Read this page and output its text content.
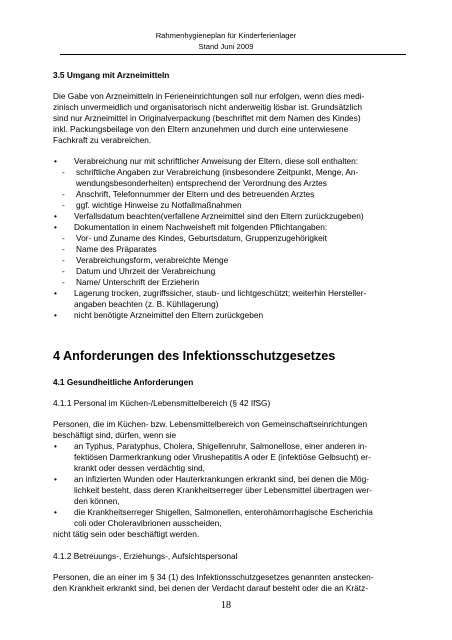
Rahmenhygieneplan für Kinderferienlager
Stand Juni 2009
3.5 Umgang mit Arzneimitteln
Die Gabe von Arzneimitteln in Ferieneinrichtungen soll nur erfolgen, wenn dies medi-
zinisch unvermeidlich und organisatorisch nicht anderweitig lösbar ist. Grundsätzlich
sind nur Arzneimittel in Originalverpackung (beschriftet mit dem Namen des Kindes)
inkl. Packungsbeilage von den Eltern anzunehmen und durch eine unterwiesene
Fachkraft zu verabreichen.
•	Verabreichung nur mit schriftlicher Anweisung der Eltern, diese soll enthalten:
-	schriftliche Angaben zur Verabreichung (insbesondere Zeitpunkt, Menge, An-
wendungsbesonderheiten) entsprechend der Verordnung des Arztes
-	Anschrift, Telefonnummer der Eltern und des betreuenden Arztes
-	ggf. wichtige Hinweise zu Notfallmaßnahmen
•	Verfallsdatum beachten(verfallene Arzneimittel sind den Eltern zurückzugeben)
•	Dokumentation in einem Nachweisheft mit folgenden Pflichtangaben:
-	Vor- und Zuname des Kindes, Geburtsdatum, Gruppenzugehörigkeit
-	Name des Präparates
-	Verabreichungsform, verabreichte Menge
-	Datum und Uhrzeit der Verabreichung
-	Name/ Unterschrift der Erzieherin
•	Lagerung trocken, zugriffssicher, staub- und lichtgeschützt; weiterhin Hersteller-
angaben beachten (z. B. Kühllagerung)
•	nicht benötigte Arzneimittel den Eltern zurückgeben
4 Anforderungen des Infektionsschutzgesetzes
4.1 Gesundheitliche Anforderungen
4.1.1 Personal im Küchen-/Lebensmittelbereich (§ 42 IfSG)
Personen, die im Küchen- bzw. Lebensmittelbereich von Gemeinschaftseinrichtungen
beschäftigt sind, dürfen, wenn sie
•	an Typhus, Paratyphus, Cholera, Shigellenruhr, Salmonellose, einer anderen in-
fektiösen Darmerkrankung oder Virushepatitis A oder E (infektiöse Gelbsucht) er-
krankt oder dessen verdächtig sind,
•	an infizierten Wunden oder Hauterkrankungen erkrankt sind, bei denen die Mög-
lichkeit besteht, dass deren Krankheitserreger über Lebensmittel übertragen wer-
den können,
•	die Krankheitserreger Shigellen, Salmonellen, enterohämorrhagische Escherichia
coli oder Choleravibrionen ausscheiden,
nicht tätig sein oder beschäftigt werden.
4.1.2 Betreuungs-, Erziehungs-, Aufsichtspersonal
Personen, die an einer im § 34 (1) des Infektionsschutzgesetzes genannten anstecken-
den Krankheit erkrankt sind, bei denen der Verdacht darauf besteht oder die an Krätz-
18
